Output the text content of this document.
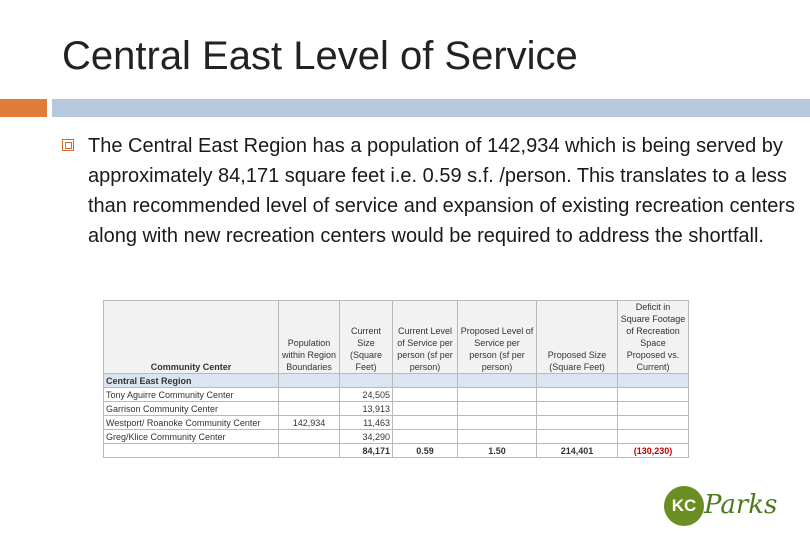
Central East Level of Service
The Central East Region has a population of 142,934 which is being served by approximately 84,171 square feet i.e. 0.59 s.f. /person. This translates to a less than recommended level of service and expansion of existing recreation centers along with new recreation centers would be required to address the shortfall.
Community Center	Population within Region Boundaries	Current Size (Square Feet)	Current Level of Service per person (sf per person)	Proposed Level of Service per person (sf per person)	Proposed Size (Square Feet)	Deficit in Square Footage of Recreation Space Proposed vs. Current)
Central East Region						
Tony Aguirre Community Center		24,505				
Garrison Community Center		13,913				
Westport/ Roanoke Community Center	142,934	11,463				
Greg/Klice Community Center		34,290				
		84,171	0.59	1.50	214,401	(130,230)
KC Parks
